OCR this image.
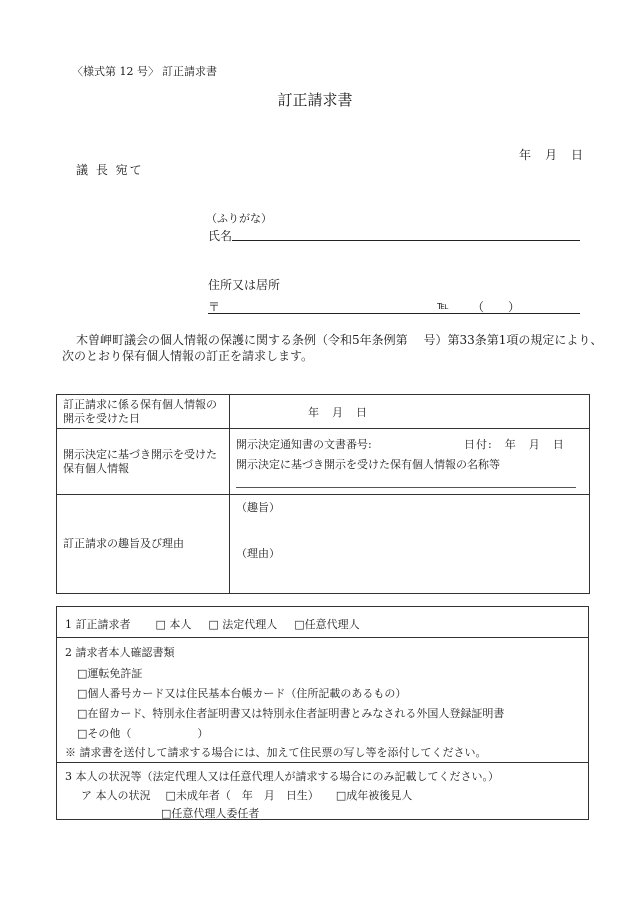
〈様式第 12 号〉 訂正請求書
訂正請求書
年　月　日
議 長 宛て
（ふりがな）
氏名
住所又は居所
〒	℡ （　　）
木曽岬町議会の個人情報の保護に関する条例（令和5年条例第　 号）第33条第1項の規定により、
次のとおり保有個人情報の訂正を請求します。
訂正請求に係る保有個人情報の開示を受けた日	年　月　日

開示決定に基づき開示を受けた保有個人情報	開示決定通知書の文書番号: 日付:　年　月　日
開示決定に基づき開示を受けた保有個人情報の名称等

訂正請求の趣旨及び理由	（趣旨）
（理由）
1 訂正請求者 □ 本人 □ 法定代理人 □任意代理人
2 請求者本人確認書類
□運転免許証
□個人番号カード又は住民基本台帳カード（住所記載のあるもの）
□在留カード、特別永住者証明書又は特別永住者証明書とみなされる外国人登録証明書
□その他（　　　　　　）
※ 請求書を送付して請求する場合には、加えて住民票の写し等を添付してください。
3 本人の状況等（法定代理人又は任意代理人が請求する場合にのみ記載してください。）
ア 本人の状況 □未成年者（　年　月　日生） □成年被後見人
□任意代理人委任者
